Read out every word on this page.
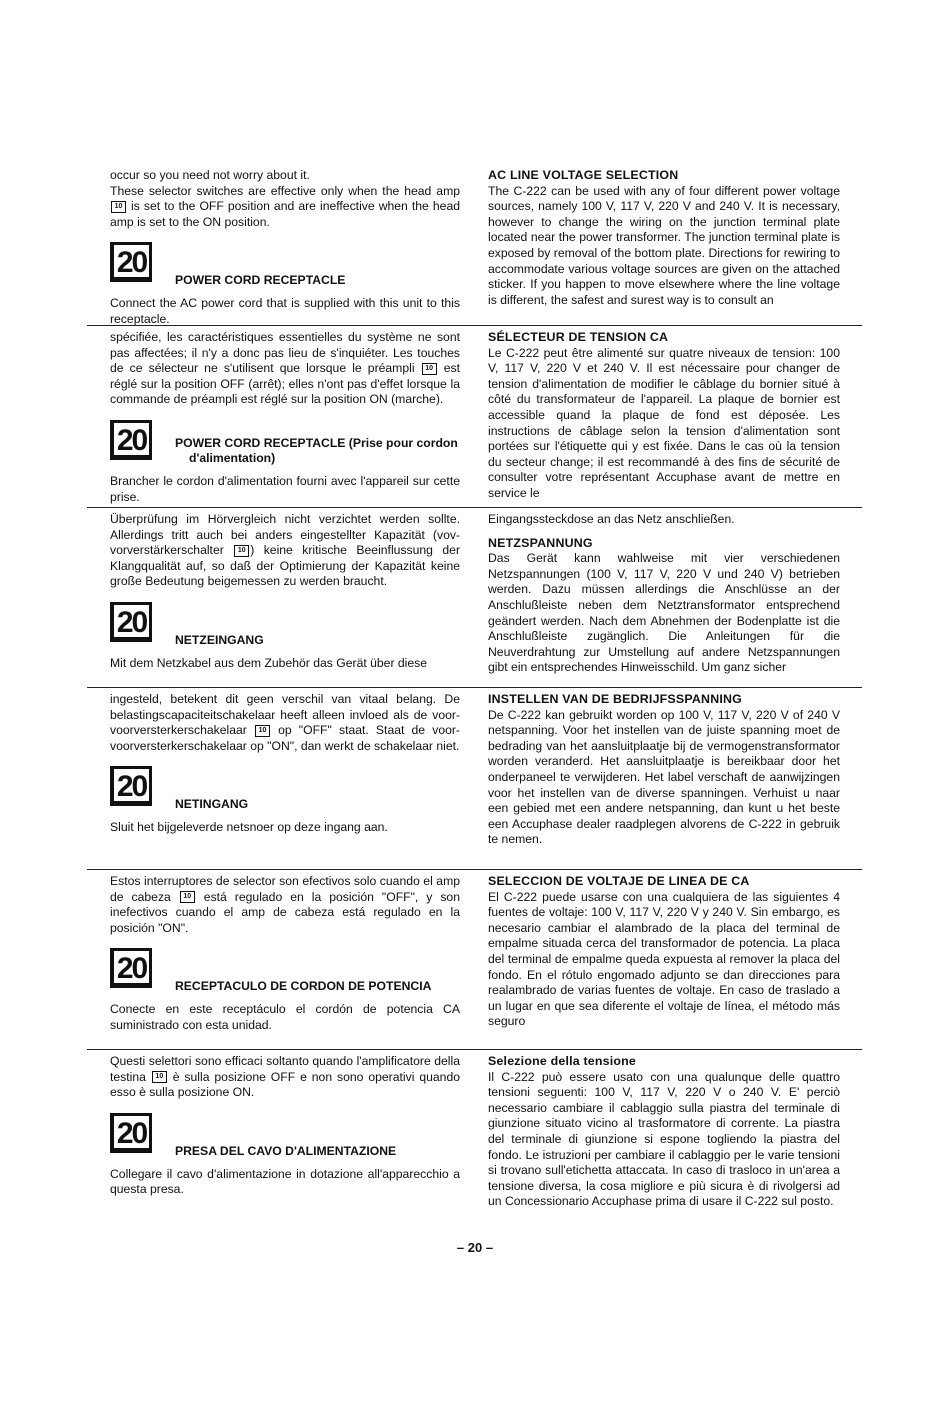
occur so you need not worry about it.

These selector switches are effective only when the head amp 10 is set to the OFF position and are ineffective when the head amp is set to the ON position.

20
POWER CORD RECEPTACLE

Connect the AC power cord that is supplied with this unit to this receptacle.

AC LINE VOLTAGE SELECTION

The C-222 can be used with any of four different power voltage sources, namely 100 V, 117 V, 220 V and 240 V. It is necessary, however to change the wiring on the junction terminal plate located near the power transformer. The junction terminal plate is exposed by removal of the bottom plate. Directions for rewiring to accommodate various voltage sources are given on the attached sticker. If you happen to move elsewhere where the line voltage is different, the safest and surest way is to consult an

spécifiée, les caractéristiques essentielles du système ne sont pas affectées; il n'y a donc pas lieu de s'inquiéter. Les touches de ce sélecteur ne s'utilisent que lorsque le préampli 10 est réglé sur la position OFF (arrêt); elles n'ont pas d'effet lorsque la commande de préampli est réglé sur la position ON (marche).

20	POWER CORD RECEPTACLE (Prise pour cordon
d'alimentation)

Brancher le cordon d'alimentation fourni avec l'appareil sur cette prise.

SÉLECTEUR DE TENSION CA

Le C-222 peut être alimenté sur quatre niveaux de tension: 100 V, 117 V, 220 V et 240 V. Il est nécessaire pour changer de tension d'alimentation de modifier le câblage du bornier situé à côté du transformateur de l'appareil. La plaque de bornier est accessible quand la plaque de fond est déposée. Les instructions de câblage selon la tension d'alimentation sont portées sur l'étiquette qui y est fixée. Dans le cas où la tension du secteur change; il est recommandé à des fins de sécurité de consulter votre représentant Accuphase avant de mettre en service le

Überprüfung im Hörvergleich nicht verzichtet werden sollte. Allerdings tritt auch bei anders eingestellter Kapazität (vov-vorverstärkerschalter 10 ) keine kritische Beeinflussung der Klangqualität auf, so daß der Optimierung der Kapazität keine große Bedeutung beigemessen zu werden braucht.

20
NETZEINGANG

Mit dem Netzkabel aus dem Zubehör das Gerät über diese

Eingangssteckdose an das Netz anschließen.

NETZSPANNUNG

Das Gerät kann wahlweise mit vier verschiedenen Netzspannungen (100 V, 117 V, 220 V und 240 V) betrieben werden. Dazu müssen allerdings die Anschlüsse an der Anschlußleiste neben dem Netztransformator entsprechend geändert werden. Nach dem Abnehmen der Bodenplatte ist die Anschlußleiste zugänglich. Die Anleitungen für die Neuverdrahtung zur Umstellung auf andere Netzspannungen gibt ein entsprechendes Hinweisschild. Um ganz sicher

ingesteld, betekent dit geen verschil van vitaal belang. De belastingscapaciteitschakelaar heeft alleen invloed als de voor-voorversterkerschakelaar 10 op "OFF" staat. Staat de voor-voorversterkerschakelaar op "ON", dan werkt de schakelaar niet.

20
NETINGANG

Sluit het bijgeleverde netsnoer op deze ingang aan.

INSTELLEN VAN DE BEDRIJFSSPANNING

De C-222 kan gebruikt worden op 100 V, 117 V, 220 V of 240 V netspanning. Voor het instellen van de juiste spanning moet de bedrading van het aansluitplaatje bij de vermogenstransformator worden veranderd. Het aansluitplaatje is bereikbaar door het onderpaneel te verwijderen. Het label verschaft de aanwijzingen voor het instellen van de diverse spanningen. Verhuist u naar een gebied met een andere netspanning, dan kunt u het beste een Accuphase dealer raadplegen alvorens de C-222 in gebruik te nemen.

Estos interruptores de selector son efectivos solo cuando el amp de cabeza 10 está regulado en la posición "OFF", y son inefectivos cuando el amp de cabeza está regulado en la posición "ON".

20
RECEPTACULO DE CORDON DE POTENCIA

Conecte en este receptáculo el cordón de potencia CA suministrado con esta unidad.

SELECCION DE VOLTAJE DE LINEA DE CA

El C-222 puede usarse con una cualquiera de las siguientes 4 fuentes de voltaje: 100 V, 117 V, 220 V y 240 V. Sin embargo, es necesario cambiar el alambrado de la placa del terminal de empalme situada cerca del transformador de potencia. La placa del terminal de empalme queda expuesta al remover la placa del fondo. En el rótulo engomado adjunto se dan direcciones para realambrado de varias fuentes de voltaje. En caso de traslado a un lugar en que sea diferente el voltaje de línea, el método más seguro

Questi selettori sono efficaci soltanto quando l'amplificatore della testina 10 è sulla posizione OFF e non sono operativi quando esso è sulla posizione ON.

20
PRESA DEL CAVO D'ALIMENTAZIONE

Collegare il cavo d'alimentazione in dotazione all'apparecchio a questa presa.

Selezione della tensione

Il C-222 può essere usato con una qualunque delle quattro tensioni seguenti: 100 V, 117 V, 220 V o 240 V. E' perciò necessario cambiare il cablaggio sulla piastra del terminale di giunzione situato vicino al trasformatore di corrente. La piastra del terminale di giunzione si espone togliendo la piastra del fondo. Le istruzioni per cambiare il cablaggio per le varie tensioni si trovano sull'etichetta attaccata. In caso di trasloco in un'area a tensione diversa, la cosa migliore e più sicura è di rivolgersi ad un Concessionario Accuphase prima di usare il C-222 sul posto.

– 20 –
